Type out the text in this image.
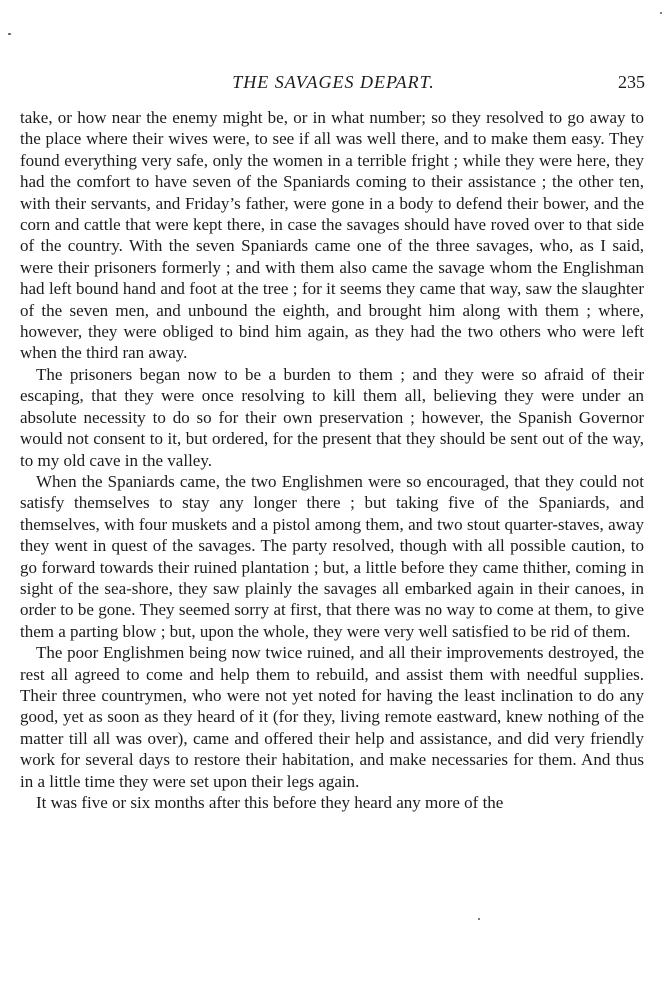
THE SAVAGES DEPART.	235

take, or how near the enemy might be, or in what number; so they resolved to go away to the place where their wives were, to see if all was well there, and to make them easy. They found everything very safe, only the women in a terrible fright ; while they were here, they had the comfort to have seven of the Spaniards coming to their assistance ; the other ten, with their servants, and Friday’s father, were gone in a body to defend their bower, and the corn and cattle that were kept there, in case the savages should have roved over to that side of the country. With the seven Spaniards came one of the three savages, who, as I said, were their prisoners formerly ; and with them also came the savage whom the Englishman had left bound hand and foot at the tree ; for it seems they came that way, saw the slaughter of the seven men, and unbound the eighth, and brought him along with them ; where, however, they were obliged to bind him again, as they had the two others who were left when the third ran away.

The prisoners began now to be a burden to them ; and they were so afraid of their escaping, that they were once resolving to kill them all, believing they were under an absolute necessity to do so for their own preservation ; however, the Spanish Governor would not consent to it, but ordered, for the present that they should be sent out of the way, to my old cave in the valley.

When the Spaniards came, the two Englishmen were so encouraged, that they could not satisfy themselves to stay any longer there ; but taking five of the Spaniards, and themselves, with four muskets and a pistol among them, and two stout quarter-staves, away they went in quest of the savages. The party resolved, though with all possible caution, to go forward towards their ruined plantation ; but, a little before they came thither, coming in sight of the sea-shore, they saw plainly the savages all embarked again in their canoes, in order to be gone. They seemed sorry at first, that there was no way to come at them, to give them a parting blow ; but, upon the whole, they were very well satisfied to be rid of them.

The poor Englishmen being now twice ruined, and all their improvements destroyed, the rest all agreed to come and help them to rebuild, and assist them with needful supplies. Their three countrymen, who were not yet noted for having the least inclination to do any good, yet as soon as they heard of it (for they, living remote eastward, knew nothing of the matter till all was over), came and offered their help and assistance, and did very friendly work for several days to restore their habitation, and make necessaries for them. And thus in a little time they were set upon their legs again.

It was five or six months after this before they heard any more of the
